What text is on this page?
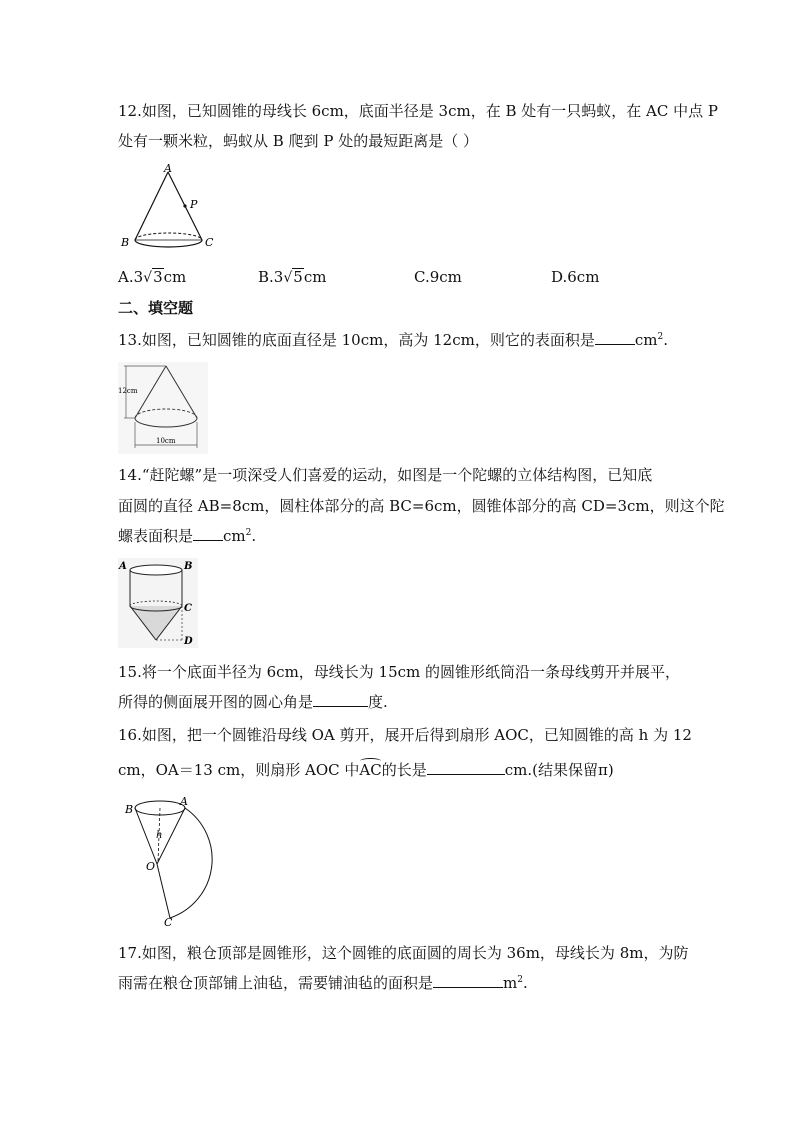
12.如图，已知圆锥的母线长 6cm，底面半径是 3cm，在 B 处有一只蚂蚁，在 AC 中点 P
处有一颗米粒，蚂蚁从 B 爬到 P 处的最短距离是（ ）
A
P
B	C
A.3√3cm	B.3√5cm	C.9cm	D.6cm
二、填空题
13.如图，已知圆锥的底面直径是 10cm，高为 12cm，则它的表面积是	$cm^2$.
12cm
10cm
14.“赶陀螺”是一项深受人们喜爱的运动，如图是一个陀螺的立体结构图，已知底
面圆的直径 AB=8cm，圆柱体部分的高 BC=6cm，圆锥体部分的高 CD=3cm，则这个陀
螺表面积是 $cm^2$.
A	B
C
D
15.将一个底面半径为 6cm，母线长为 15cm 的圆锥形纸筒沿一条母线剪开并展平，
所得的侧面展开图的圆心角是	度.
16.如图，把一个圆锥沿母线 OA 剪开，展开后得到扇形 AOC，已知圆锥的高 h 为 12
cm，OA＝13 cm，则扇形 AOC 中AC的长是	cm.(结果保留π)
B
A
h
O
C
17.如图，粮仓顶部是圆锥形，这个圆锥的底面圆的周长为 36m，母线长为 8m，为防
雨需在粮仓顶部铺上油毡，需要铺油毡的面积是	$m^2$.
